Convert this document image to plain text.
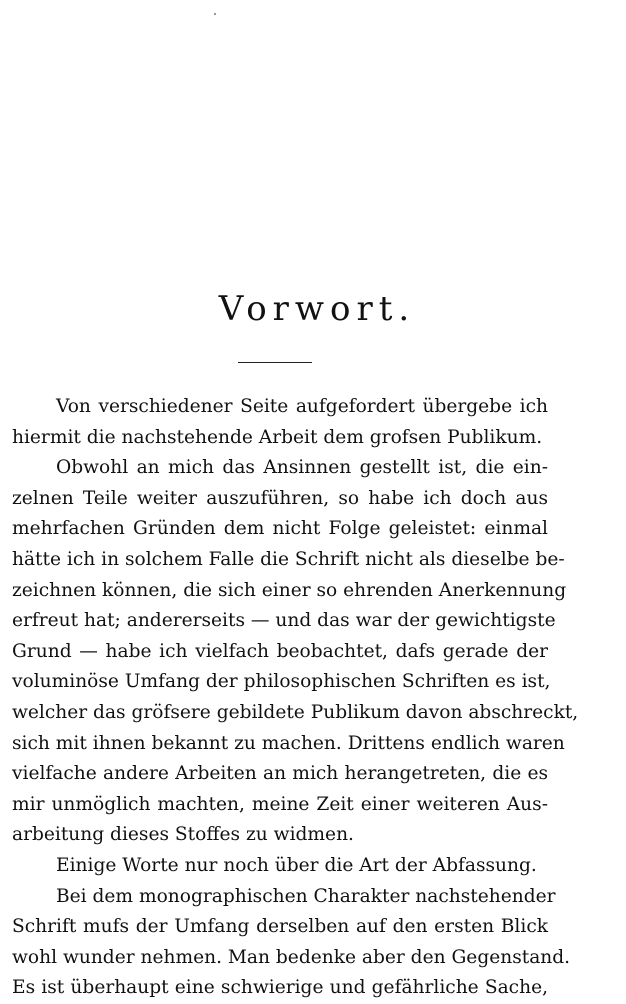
Vorwort.
Von verschiedener Seite aufgefordert übergebe ich
hiermit die nachstehende Arbeit dem grofsen Publikum.
Obwohl an mich das Ansinnen gestellt ist, die ein-
zelnen Teile weiter auszuführen, so habe ich doch aus
mehrfachen Gründen dem nicht Folge geleistet: einmal
hätte ich in solchem Falle die Schrift nicht als dieselbe be-
zeichnen können, die sich einer so ehrenden Anerkennung
erfreut hat; andererseits — und das war der gewichtigste
Grund — habe ich vielfach beobachtet, dafs gerade der
voluminöse Umfang der philosophischen Schriften es ist,
welcher das gröfsere gebildete Publikum davon abschreckt,
sich mit ihnen bekannt zu machen. Drittens endlich waren
vielfache andere Arbeiten an mich herangetreten, die es
mir unmöglich machten, meine Zeit einer weiteren Aus-
arbeitung dieses Stoffes zu widmen.
Einige Worte nur noch über die Art der Abfassung.
Bei dem monographischen Charakter nachstehender
Schrift mufs der Umfang derselben auf den ersten Blick
wohl wunder nehmen. Man bedenke aber den Gegenstand.
Es ist überhaupt eine schwierige und gefährliche Sache,
